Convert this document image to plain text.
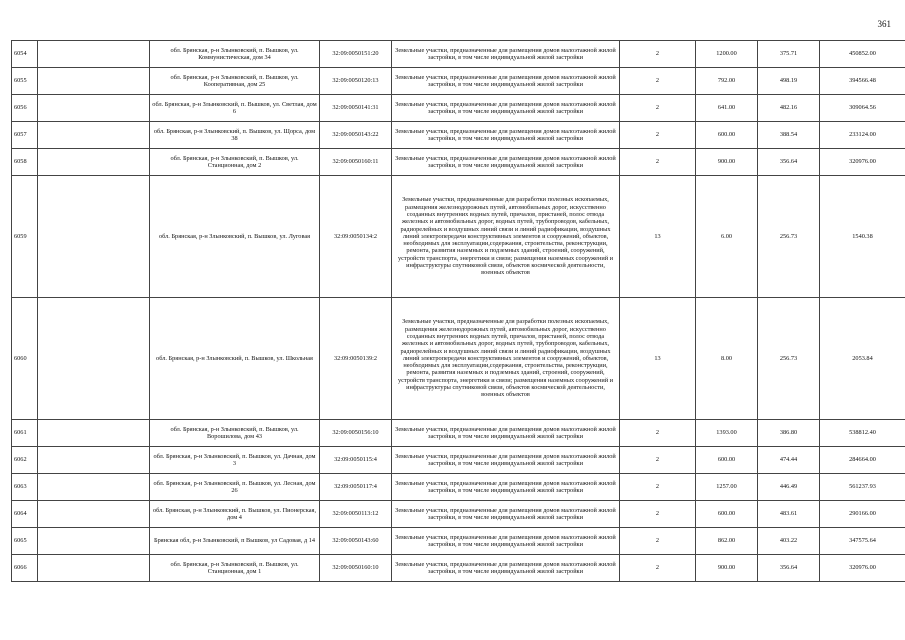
361
6054		обл. Брянская, р-н Злынковский, п. Вышков, ул. Коммунистическая, дом 34	32:09:0050151:20	Земельные участки, предназначенные для размещения домов малоэтажной жилой застройки, в том числе индивидуальной жилой застройки	2	1200.00	375.71	450852.00
6055		обл. Брянская, р-н Злынковский, п. Вышков, ул. Кооперативная, дом 25	32:09:0050120:13	Земельные участки, предназначенные для размещения домов малоэтажной жилой застройки, в том числе индивидуальной жилой застройки	2	792.00	498.19	394566.48
6056		обл. Брянская, р-н Злынковский, п. Вышков, ул. Светлая, дом 6	32:09:0050141:31	Земельные участки, предназначенные для размещения домов малоэтажной жилой застройки, в том числе индивидуальной жилой застройки	2	641.00	482.16	309064.56
6057		обл. Брянская, р-н Злынковский, п. Вышков, ул. Щорса, дом 38	32:09:0050143:22	Земельные участки, предназначенные для размещения домов малоэтажной жилой застройки, в том числе индивидуальной жилой застройки	2	600.00	388.54	233124.00
6058		обл. Брянская, р-н Злынковский, п. Вышков, ул. Станционная, дом 2	32:09:0050160:11	Земельные участки, предназначенные для размещения домов малоэтажной жилой застройки, в том числе индивидуальной жилой застройки	2	900.00	356.64	320976.00
6059		обл. Брянская, р-н Злынковский, п. Вышков, ул. Луговая	32:09:0050134:2	Земельные участки, предназначенные для разработки полезных ископаемых, размещения железнодорожных путей, автомобильных дорог, искусственно созданных внутренних водных путей, причалов, пристаней, полос отвода железных и автомобильных дорог, водных путей, трубопроводов, кабельных, радиорелейных и воздушных линий связи и линий радиофикации, воздушных линий электропередачи конструктивных элементов и сооружений, объектов, необходимых для эксплуатации,содержания, строительства, реконструкции, ремонта, развития наземных и подземных зданий, строений, сооружений, устройств транспорта, энергетики и связи; размещения наземных сооружений и инфраструктуры спутниковой связи, объектов космической деятельности, военных объектов	13	6.00	256.73	1540.38
6060		обл. Брянская, р-н Злынковский, п. Вышков, ул. Школьная	32:09:0050139:2	Земельные участки, предназначенные для разработки полезных ископаемых, размещения железнодорожных путей, автомобильных дорог, искусственно созданных внутренних водных путей, причалов, пристаней, полос отвода железных и автомобильных дорог, водных путей, трубопроводов, кабельных, радиорелейных и воздушных линий связи и линий радиофикации, воздушных линий электропередачи конструктивных элементов и сооружений, объектов, необходимых для эксплуатации,содержания, строительства, реконструкции, ремонта, развития наземных и подземных зданий, строений, сооружений, устройств транспорта, энергетики и связи; размещения наземных сооружений и инфраструктуры спутниковой связи, объектов космической деятельности, военных объектов	13	8.00	256.73	2053.84
6061		обл. Брянская, р-н Злынковский, п. Вышков, ул. Ворошилова, дом 43	32:09:0050156:10	Земельные участки, предназначенные для размещения домов малоэтажной жилой застройки, в том числе индивидуальной жилой застройки	2	1393.00	386.80	538812.40
6062		обл. Брянская, р-н Злынковский, п. Вышков, ул. Дачная, дом 3	32:09:0050115:4	Земельные участки, предназначенные для размещения домов малоэтажной жилой застройки, в том числе индивидуальной жилой застройки	2	600.00	474.44	284664.00
6063		обл. Брянская, р-н Злынковский, п. Вышков, ул. Лесная, дом 26	32:09:0050117:4	Земельные участки, предназначенные для размещения домов малоэтажной жилой застройки, в том числе индивидуальной жилой застройки	2	1257.00	446.49	561237.93
6064		обл. Брянская, р-н Злынковский, п. Вышков, ул. Пионерская, дом 4	32:09:0050113:12	Земельные участки, предназначенные для размещения домов малоэтажной жилой застройки, в том числе индивидуальной жилой застройки	2	600.00	483.61	290166.00
6065		Брянская обл, р-н Злынковский, п Вышков, ул Садовая, д 14	32:09:0050143:60	Земельные участки, предназначенные для размещения домов малоэтажной жилой застройки, в том числе индивидуальной жилой застройки	2	862.00	403.22	347575.64
6066		обл. Брянская, р-н Злынковский, п. Вышков, ул. Станционная, дом 1	32:09:0050160:10	Земельные участки, предназначенные для размещения домов малоэтажной жилой застройки, в том числе индивидуальной жилой застройки	2	900.00	356.64	320976.00
